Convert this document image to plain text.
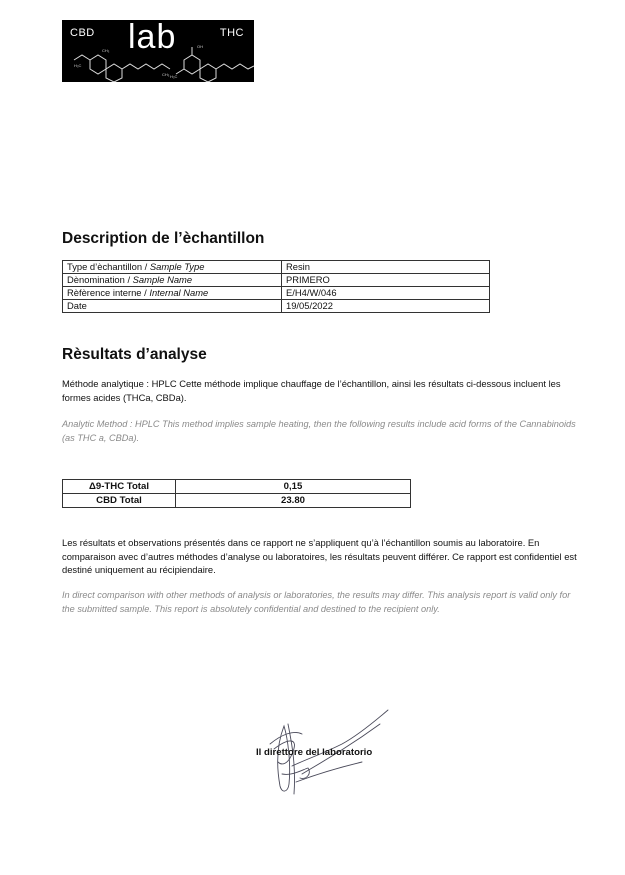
H₃C
CH₃
CH₃
OH
H₃C
CBD lab	THC
Description de l’èchantillon
Type d’èchantillon / Sample Type	Resin
Dènomination / Sample Name	PRIMERO
Rèfèrence interne / Internal Name	E/H4/W/046
Date	19/05/2022
Rèsultats d’analyse

Méthode analytique : HPLC Cette méthode implique chauffage de l’échantillon, ainsi les résultats ci-dessous incluent les formes acides (THCa, CBDa).

Analytic Method : HPLC This method implies sample heating, then the following results include acid forms of the Cannabinoids (as THC a, CBDa).

Δ9-THC Total	0,15
CBD Total	23.80

Les résultats et observations présentés dans ce rapport ne s’appliquent qu’à l’échantillon soumis au laboratoire. En comparaison avec d’autres méthodes d’analyse ou laboratoires, les résultats peuvent différer. Ce rapport est confidentiel est destiné uniquement au récipiendaire.

In direct comparison with other methods of analysis or laboratories, the results may differ. This analysis report is valid only for the submitted sample. This report is absolutely confidential and destined to the recipient only.

Il direttore del laboratorio
